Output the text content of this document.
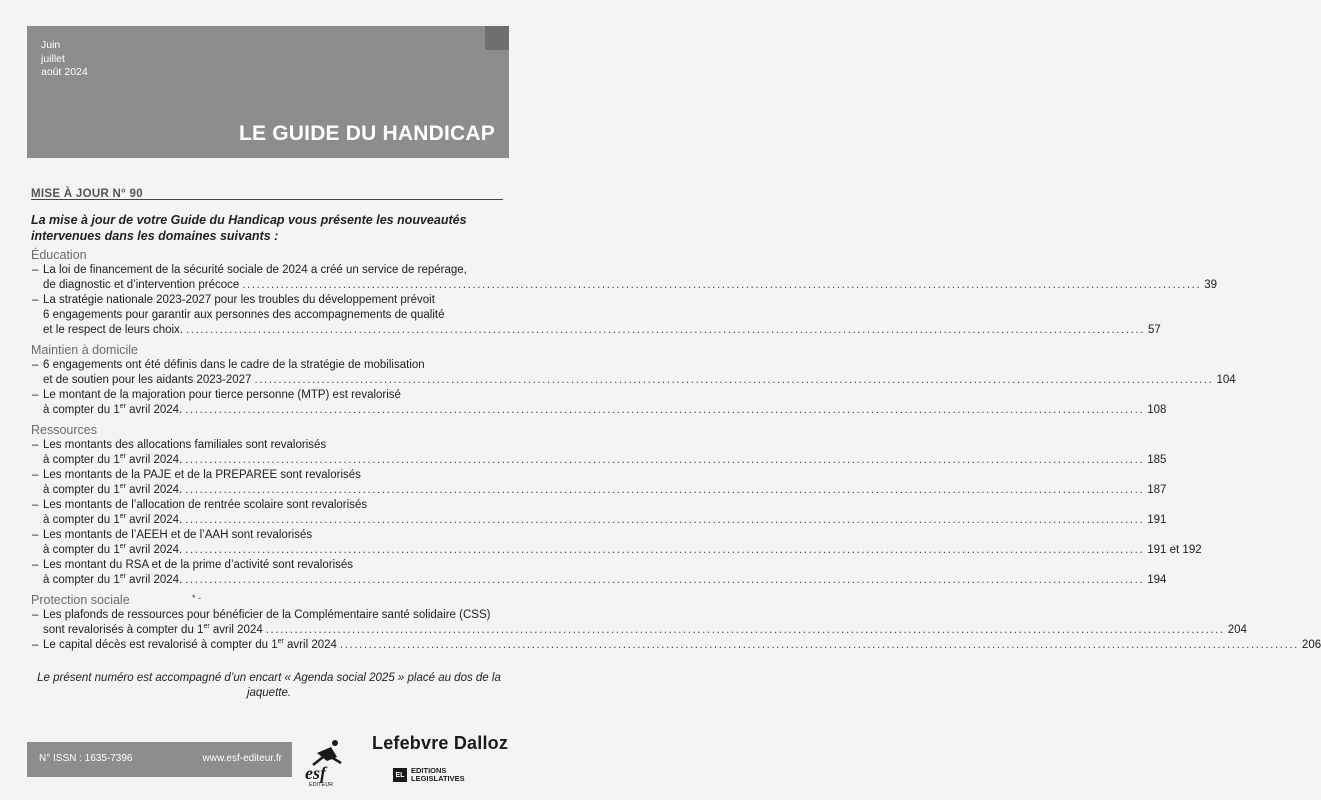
Juin
juillet
août 2024
LE GUIDE DU HANDICAP
MISE À JOUR N° 90
La mise à jour de votre Guide du Handicap vous présente les nouveautés intervenues dans les domaines suivants :
Éducation
– La loi de financement de la sécurité sociale de 2024 a créé un service de repérage,
de diagnostic et d’intervention précoce ........................................................................................................................................................................................................ 39
– La stratégie nationale 2023-2027 pour les troubles du développement prévoit
6 engagements pour garantir aux personnes des accompagnements de qualité
et le respect de leurs choix. ........................................................................................................................................................................................................ 57
Maintien à domicile
– 6 engagements ont été définis dans le cadre de la stratégie de mobilisation
et de soutien pour les aidants 2023-2027 ........................................................................................................................................................................................................ 104
– Le montant de la majoration pour tierce personne (MTP) est revalorisé
à compter du 1er avril 2024. ........................................................................................................................................................................................................ 108
Ressources
– Les montants des allocations familiales sont revalorisés
à compter du 1er avril 2024. ........................................................................................................................................................................................................ 185
– Les montants de la PAJE et de la PREPAREE sont revalorisés
à compter du 1er avril 2024. ........................................................................................................................................................................................................ 187
– Les montants de l’allocation de rentrée scolaire sont revalorisés
à compter du 1er avril 2024. ........................................................................................................................................................................................................ 191
– Les montants de l’AEEH et de l’AAH sont revalorisés
à compter du 1er avril 2024. ........................................................................................................................................................................................................ 191 et 192
– Les montant du RSA et de la prime d’activité sont revalorisés
à compter du 1er avril 2024. ........................................................................................................................................................................................................ 194
Protection sociale
– Les plafonds de ressources pour bénéficier de la Complémentaire santé solidaire (CSS)
sont revalorisés à compter du 1er avril 2024 ........................................................................................................................................................................................................ 204
– Le capital décès est revalorisé à compter du 1er avril 2024 ........................................................................................................................................................................................................ 206
* -
Le présent numéro est accompagné d’un encart « Agenda social 2025 » placé au dos de la jaquette.
N° ISSN : 1635-7396	www.esf-editeur.fr
esf
EDITEUR
Lefebvre Dalloz
EL EDITIONS
LEGISLATIVES
